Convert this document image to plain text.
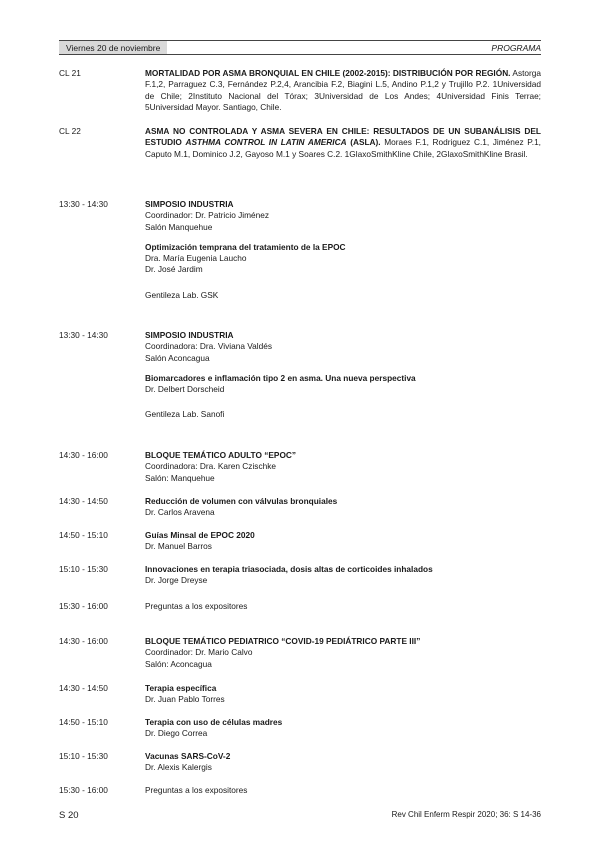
Viernes 20 de noviembre	PROGRAMA
CL 21	MORTALIDAD POR ASMA BRONQUIAL EN CHILE (2002-2015): DISTRIBUCIÓN POR REGIÓN. Astorga F.1,2, Parraguez C.3, Fernández P.2,4, Arancibia F.2, Biagini L.5, Andino P.1,2 y Trujillo P.2. 1Universidad de Chile; 2Instituto Nacional del Tórax; 3Universidad de Los Andes; 4Universidad Finis Terrae; 5Universidad Mayor. Santiago, Chile.
CL 22	ASMA NO CONTROLADA Y ASMA SEVERA EN CHILE: RESULTADOS DE UN SUBANÁLISIS DEL ESTUDIO ASTHMA CONTROL IN LATIN AMERICA (ASLA). Moraes F.1, Rodriguez C.1, Jiménez P.1, Caputo M.1, Dominico J.2, Gayoso M.1 y Soares C.2. 1GlaxoSmithKline Chile, 2GlaxoSmithKline Brasil.
13:30 - 14:30	SIMPOSIO INDUSTRIA
Coordinador: Dr. Patricio Jiménez
Salón Manquehue
Optimización temprana del tratamiento de la EPOC
Dra. María Eugenia Laucho
Dr. José Jardim
Gentileza Lab. GSK
13:30 - 14:30	SIMPOSIO INDUSTRIA
Coordinadora: Dra. Viviana Valdés
Salón Aconcagua
Biomarcadores e inflamación tipo 2 en asma. Una nueva perspectiva
Dr. Delbert Dorscheid
Gentileza Lab. Sanofi
14:30 - 16:00	BLOQUE TEMÁTICO ADULTO “EPOC”
Coordinadora: Dra. Karen Czischke
Salón: Manquehue
14:30 - 14:50	Reducción de volumen con válvulas bronquiales
Dr. Carlos Aravena
14:50 - 15:10	Guías Minsal de EPOC 2020
Dr. Manuel Barros
15:10 - 15:30	Innovaciones en terapia triasociada, dosis altas de corticoides inhalados
Dr. Jorge Dreyse
15:30 - 16:00	Preguntas a los expositores
14:30 - 16:00	BLOQUE TEMÁTICO PEDIATRICO “COVID-19 PEDIÁTRICO PARTE III”
Coordinador: Dr. Mario Calvo
Salón: Aconcagua
14:30 - 14:50	Terapia específica
Dr. Juan Pablo Torres
14:50 - 15:10	Terapia con uso de células madres
Dr. Diego Correa
15:10 - 15:30	Vacunas SARS-CoV-2
Dr. Alexis Kalergis
15:30 - 16:00	Preguntas a los expositores
S 20	Rev Chil Enferm Respir 2020; 36: S 14-36
